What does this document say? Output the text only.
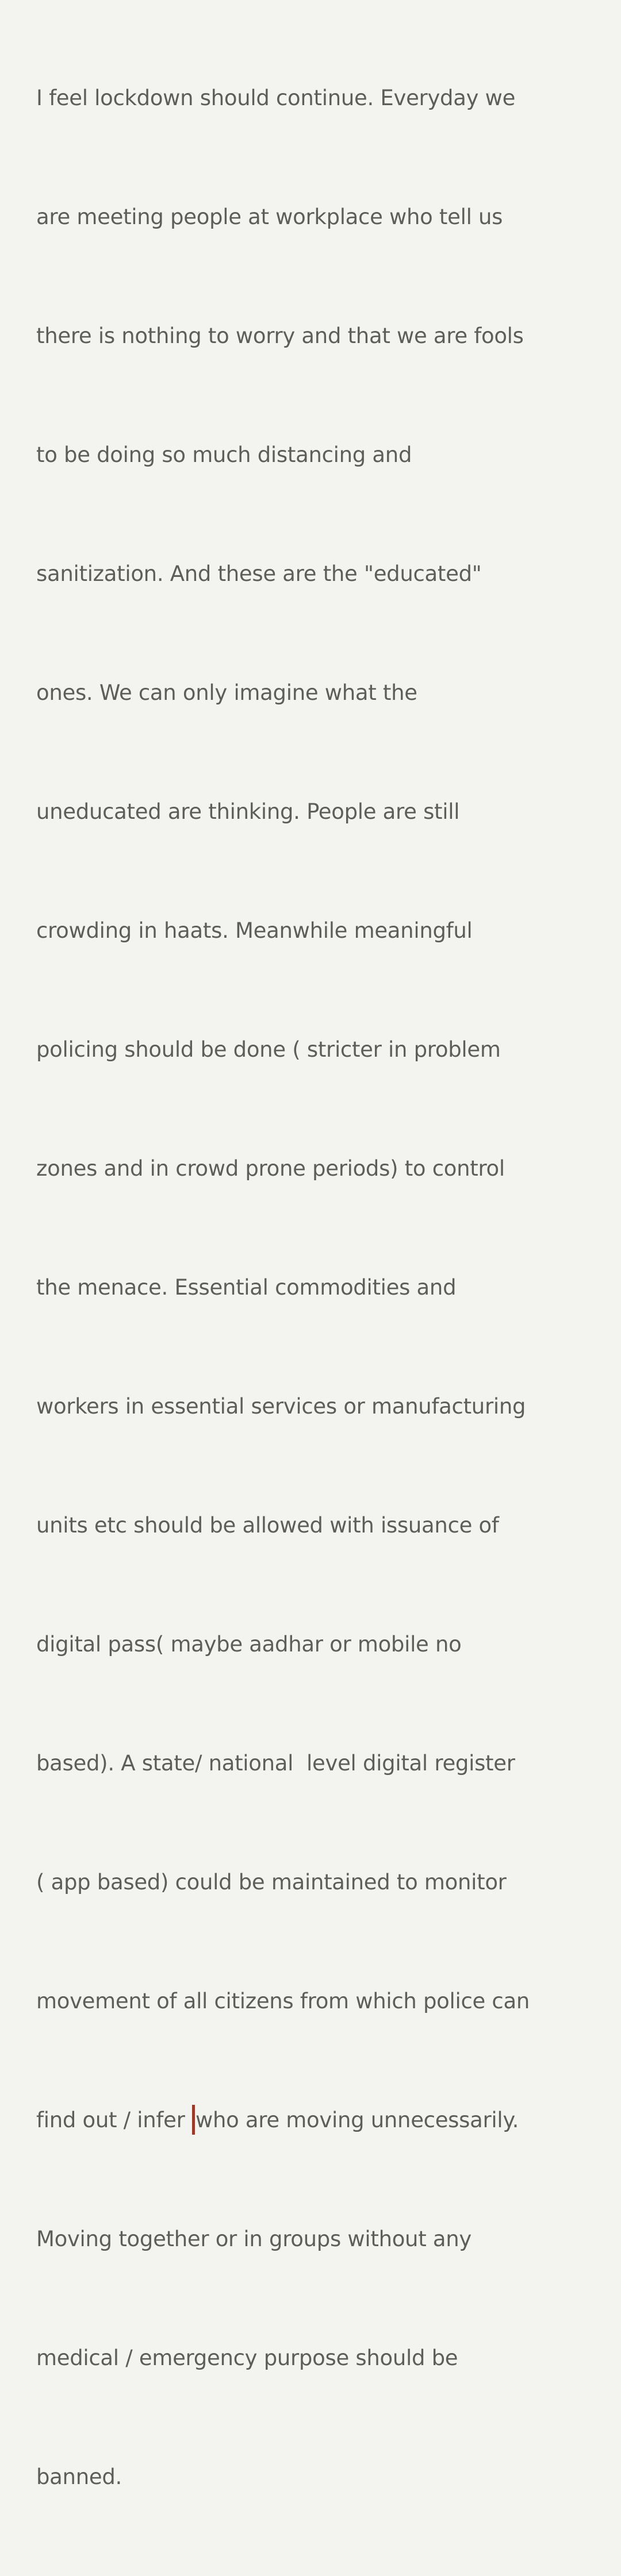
I feel lockdown should continue. Everyday we

are meeting people at workplace who tell us

there is nothing to worry and that we are fools

to be doing so much distancing and

sanitization. And these are the "educated"

ones. We can only imagine what the

uneducated are thinking. People are still

crowding in haats. Meanwhile meaningful

policing should be done ( stricter in problem

zones and in crowd prone periods) to control

the menace. Essential commodities and

workers in essential services or manufacturing

units etc should be allowed with issuance of

digital pass( maybe aadhar or mobile no

based). A state/ national  level digital register

( app based) could be maintained to monitor

movement of all citizens from which police can

find out / infer who are moving unnecessarily.

Moving together or in groups without any

medical / emergency purpose should be

banned.
